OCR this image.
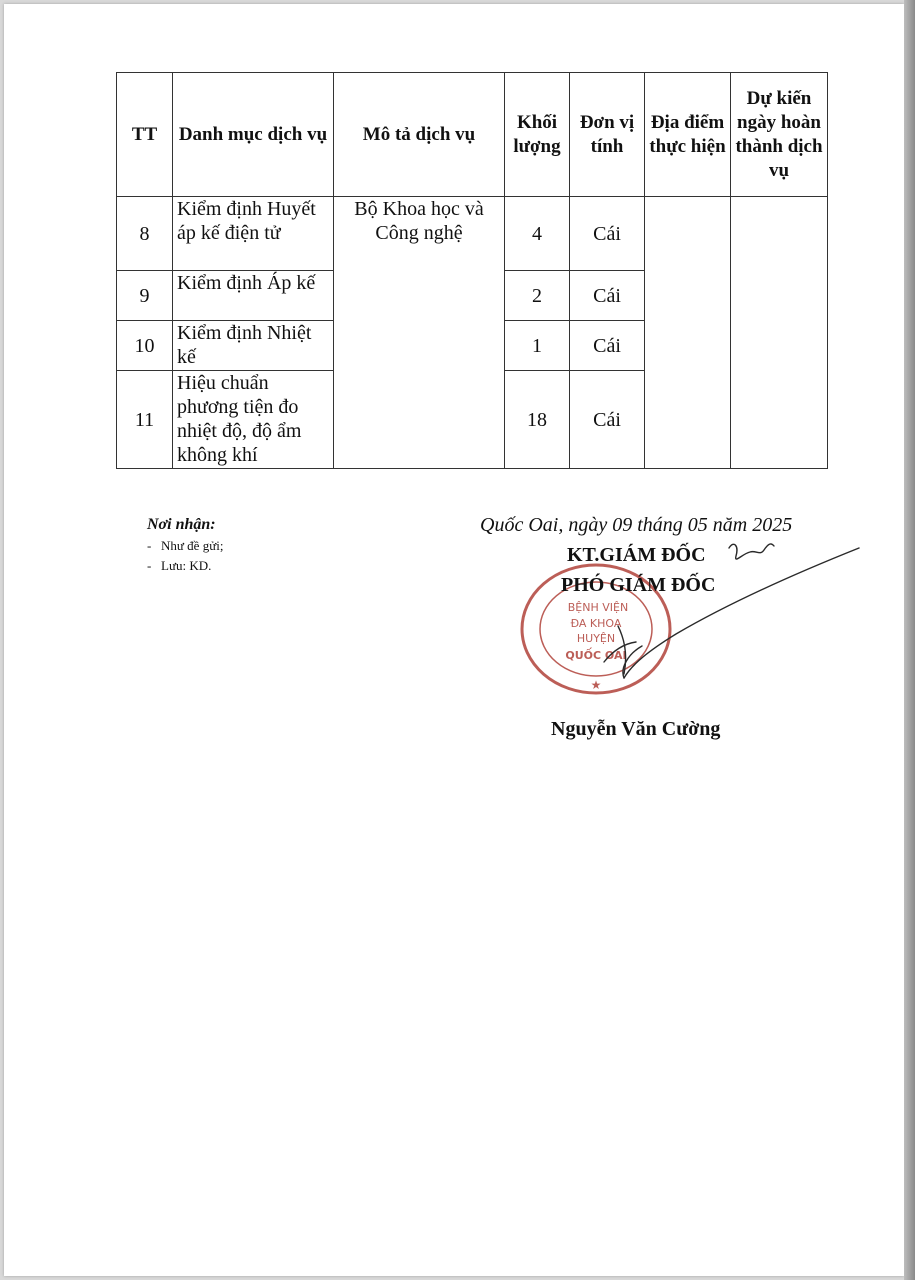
TT	Danh mục dịch vụ	Mô tả dịch vụ	Khối lượng	Đơn vị tính	Địa điểm thực hiện	Dự kiến ngày hoàn thành dịch vụ
8	Kiểm định Huyết áp kế điện tử	Bộ Khoa học và Công nghệ	4	Cái		
9	Kiểm định Áp kế		2	Cái		
10	Kiểm định Nhiệt kế		1	Cái		
11	Hiệu chuẩn phương tiện đo nhiệt độ, độ ẩm không khí		18	Cái		
Nơi nhận:
- Như đề gửi;
- Lưu: KD.
Quốc Oai, ngày 09 tháng 05 năm 2025
BỆNH VIỆN
ĐA KHOA
HUYỆN
QUỐC OAI
★
KT.GIÁM ĐỐC
PHÓ GIÁM ĐỐC
Nguyễn Văn Cường
